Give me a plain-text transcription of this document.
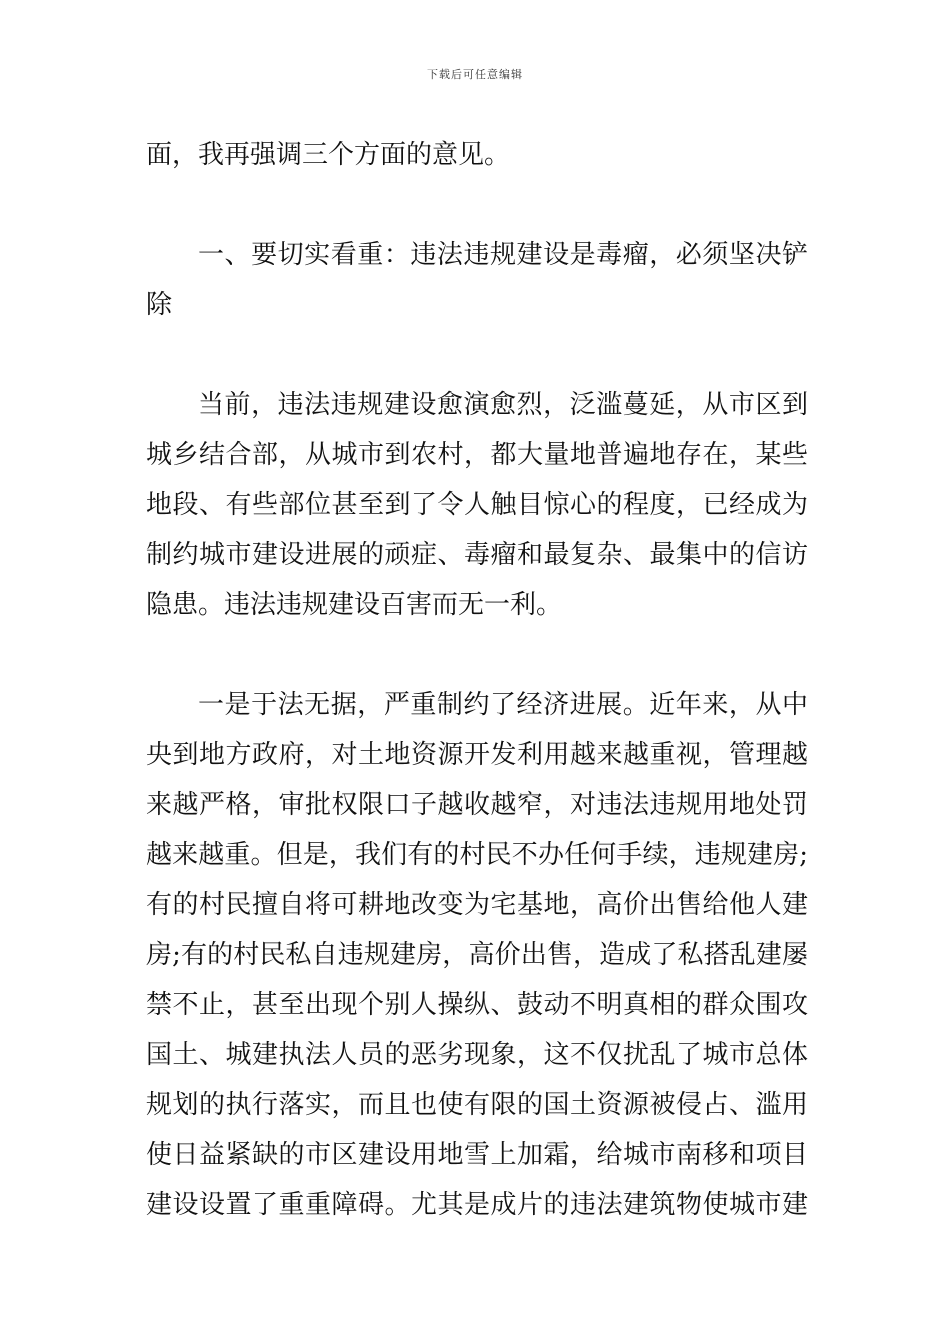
下载后可任意编辑
面，我再强调三个方面的意见。
一、要切实看重：违法违规建设是毒瘤，必须坚决铲
除
当前，违法违规建设愈演愈烈，泛滥蔓延，从市区到
城乡结合部，从城市到农村，都大量地普遍地存在，某些
地段、有些部位甚至到了令人触目惊心的程度，已经成为
制约城市建设进展的顽症、毒瘤和最复杂、最集中的信访
隐患。违法违规建设百害而无一利。
一是于法无据，严重制约了经济进展。近年来，从中
央到地方政府，对土地资源开发利用越来越重视，管理越
来越严格，审批权限口子越收越窄，对违法违规用地处罚
越来越重。但是，我们有的村民不办任何手续，违规建房;
有的村民擅自将可耕地改变为宅基地，高价出售给他人建
房;有的村民私自违规建房，高价出售，造成了私搭乱建屡
禁不止，甚至出现个别人操纵、鼓动不明真相的群众围攻
国土、城建执法人员的恶劣现象，这不仅扰乱了城市总体
规划的执行落实，而且也使有限的国土资源被侵占、滥用
使日益紧缺的市区建设用地雪上加霜，给城市南移和项目
建设设置了重重障碍。尤其是成片的违法建筑物使城市建
